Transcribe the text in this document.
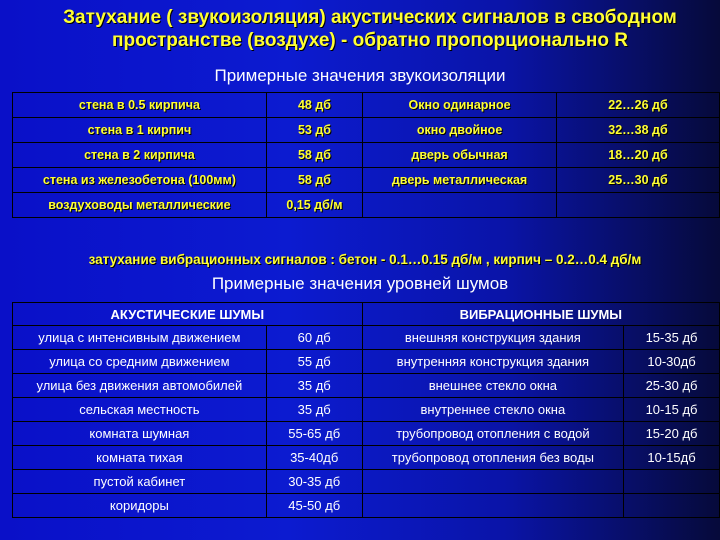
Затухание ( звукоизоляция) акустических сигналов в свободном
пространстве (воздухе) - обратно пропорционально R
Примерные значения звукоизоляции
стена в 0.5 кирпича	48 дб	Окно одинарное	22…26 дб
стена в 1 кирпич	53 дб	окно двойное	32…38 дб
стена в 2 кирпича	58 дб	дверь обычная	18…20 дб
стена из железобетона (100мм)	58 дб	дверь металлическая	25…30 дб
воздуховоды металлические	0,15 дб/м		
затухание вибрационных сигналов : бетон - 0.1…0.15 дб/м , кирпич – 0.2…0.4 дб/м
Примерные значения уровней шумов
АКУСТИЧЕСКИЕ ШУМЫ		ВИБРАЦИОННЫЕ ШУМЫ	
улица с интенсивным движением	60 дб	внешняя конструкция здания	15-35 дб
улица со средним движением	55 дб	внутренняя конструкция здания	10-30дб
улица без движения автомобилей	35 дб	внешнее стекло окна	25-30 дб
сельская местность	35 дб	внутреннее стекло окна	10-15 дб
комната шумная	55-65 дб	трубопровод отопления с водой	15-20 дб
комната тихая	35-40дб	трубопровод отопления без воды	10-15дб
пустой кабинет	30-35 дб		
коридоры	45-50 дб		
